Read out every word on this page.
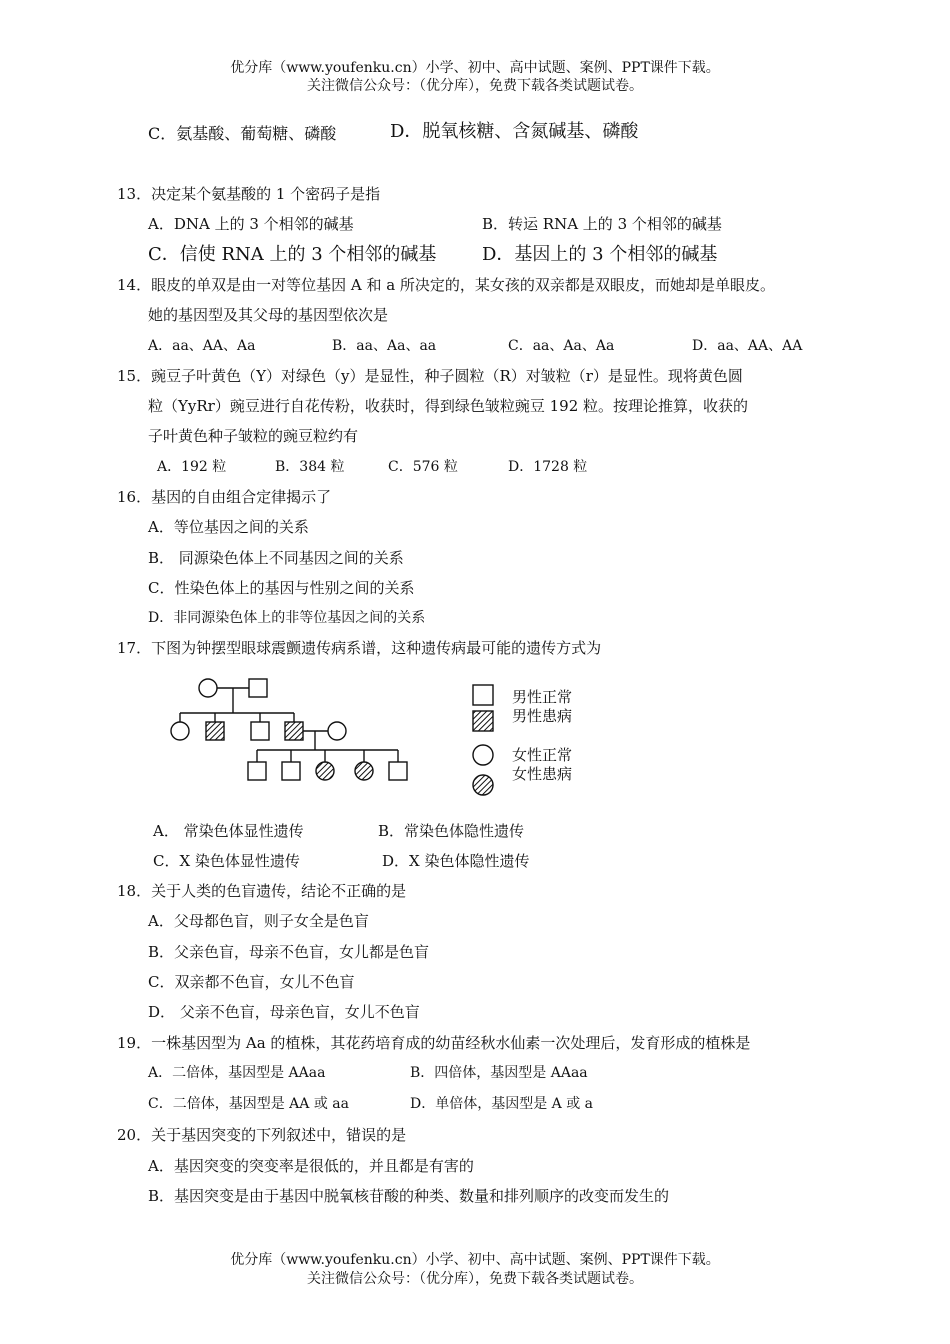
优分库（www.youfenku.cn）小学、初中、高中试题、案例、PPT课件下载。
关注微信公众号：（优分库），免费下载各类试题试卷。
C．氨基酸、葡萄糖、磷酸	D．脱氧核糖、含氮碱基、磷酸
13．决定某个氨基酸的 1 个密码子是指
A．DNA 上的 3 个相邻的碱基	B．转运 RNA 上的 3 个相邻的碱基
C．信使 RNA 上的 3 个相邻的碱基	D．基因上的 3 个相邻的碱基
14．眼皮的单双是由一对等位基因 A 和 a 所决定的，某女孩的双亲都是双眼皮，而她却是单眼皮。
她的基因型及其父母的基因型依次是
A．aa、AA、Aa	B．aa、Aa、aa	C．aa、Aa、Aa	D．aa、AA、AA
15．豌豆子叶黄色（Y）对绿色（y）是显性，种子圆粒（R）对皱粒（r）是显性。现将黄色圆
粒（YyRr）豌豆进行自花传粉，收获时，得到绿色皱粒豌豆 192 粒。按理论推算，收获的
子叶黄色种子皱粒的豌豆粒约有
A．192 粒	B．384 粒	C．576 粒	D．1728 粒
16．基因的自由组合定律揭示了
A．等位基因之间的关系
B． 同源染色体上不同基因之间的关系
C．性染色体上的基因与性别之间的关系
D．非同源染色体上的非等位基因之间的关系
17．下图为钟摆型眼球震颤遗传病系谱，这种遗传病最可能的遗传方式为
男性正常
男性患病
女性正常
女性患病
A． 常染色体显性遗传	B．常染色体隐性遗传
C．X 染色体显性遗传	D．X 染色体隐性遗传
18．关于人类的色盲遗传，结论不正确的是
A．父母都色盲，则子女全是色盲
B．父亲色盲，母亲不色盲，女儿都是色盲
C．双亲都不色盲，女儿不色盲
D． 父亲不色盲，母亲色盲，女儿不色盲
19．一株基因型为 Aa 的植株，其花药培育成的幼苗经秋水仙素一次处理后，发育形成的植株是
A．二倍体，基因型是 AAaa	B．四倍体，基因型是 AAaa
C．二倍体，基因型是 AA 或 aa	D．单倍体，基因型是 A 或 a
20．关于基因突变的下列叙述中，错误的是
A．基因突变的突变率是很低的，并且都是有害的
B．基因突变是由于基因中脱氧核苷酸的种类、数量和排列顺序的改变而发生的
优分库（www.youfenku.cn）小学、初中、高中试题、案例、PPT课件下载。
关注微信公众号：（优分库），免费下载各类试题试卷。
